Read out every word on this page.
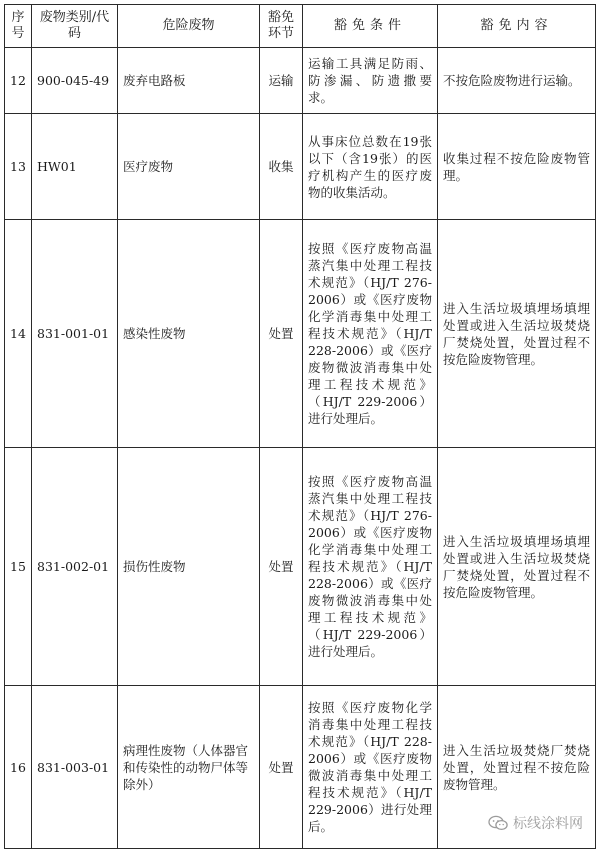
序号	废物类别/代码	危险废物	豁免环节	豁免条件	豁免内容
12	900-045-49	废弃电路板	运输	运输工具满足防雨、防渗漏、防遗撒要求。	不按危险废物进行运输。
13	HW01	医疗废物	收集	从事床位总数在19张以下（含19张）的医疗机构产生的医疗废物的收集活动。	收集过程不按危险废物管理。
14	831-001-01	感染性废物	处置	按照《医疗废物高温蒸汽集中处理工程技术规范》（HJ/T 276-2006）或《医疗废物化学消毒集中处理工程技术规范》（HJ/T 228-2006）或《医疗废物微波消毒集中处理工程技术规范》（HJ/T 229-2006）进行处理后。	进入生活垃圾填埋场填埋处置或进入生活垃圾焚烧厂焚烧处置，处置过程不按危险废物管理。
15	831-002-01	损伤性废物	处置	按照《医疗废物高温蒸汽集中处理工程技术规范》（HJ/T 276-2006）或《医疗废物化学消毒集中处理工程技术规范》（HJ/T 228-2006）或《医疗废物微波消毒集中处理工程技术规范》（HJ/T 229-2006）进行处理后。	进入生活垃圾填埋场填埋处置或进入生活垃圾焚烧厂焚烧处置，处置过程不按危险废物管理。
16	831-003-01	病理性废物（人体器官和传染性的动物尸体等除外）	处置	按照《医疗废物化学消毒集中处理工程技术规范》（HJ/T 228-2006）或《医疗废物微波消毒集中处理工程技术规范》（HJ/T 229-2006）进行处理后。	进入生活垃圾焚烧厂焚烧处置，处置过程不按危险废物管理。
标线涂料网
